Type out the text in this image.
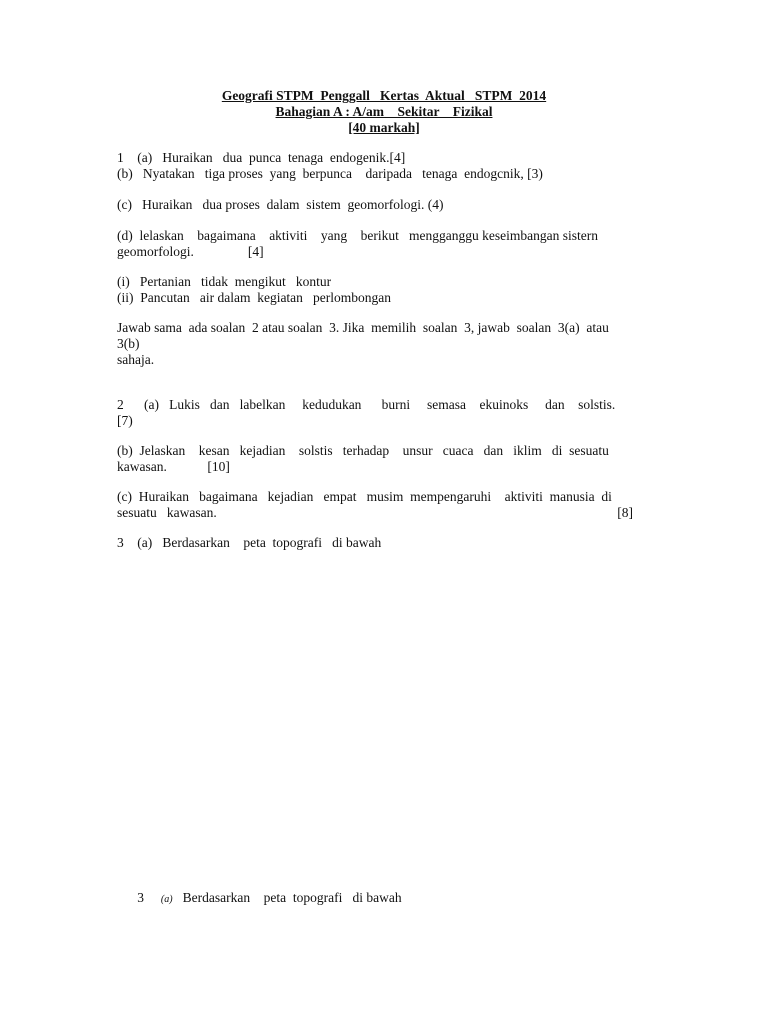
Geografi STPM  Penggall   Kertas  Aktual   STPM  2014
Bahagian A : A/am    Sekitar    Fizikal
[40 markah]
1    (a)   Huraikan   dua  punca  tenaga  endogenik.[4]
(b)   Nyatakan   tiga proses  yang  berpunca    daripada   tenaga  endogcnik, [3)
(c)   Huraikan   dua proses  dalam  sistem  geomorfologi. (4)
(d)  lelaskan    bagaimana    aktiviti    yang    berikut   mengganggu keseimbangan sistern
geomorfologi.                [4]
(i)   Pertanian   tidak  mengikut   kontur
(ii)  Pancutan   air dalam  kegiatan   perlombongan
Jawab sama  ada soalan  2 atau soalan  3. Jika  memilih  soalan  3, jawab  soalan  3(a)  atau
3(b)
sahaja.
2      (a)   Lukis   dan   labelkan     kedudukan      burni     semasa    ekuinoks     dan    solstis.
[7)
(b)  Jelaskan    kesan   kejadian    solstis   terhadap    unsur   cuaca   dan   iklim   di  sesuatu
kawasan.            [10]
(c)  Huraikan   bagaimana   kejadian   empat   musim  mempengaruhi    aktiviti  manusia  di
sesuatu   kawasan.	[8]
3    (a)   Berdasarkan    peta  topografi   di bawah

3 (a) Berdasarkan    peta  topografi   di bawah
